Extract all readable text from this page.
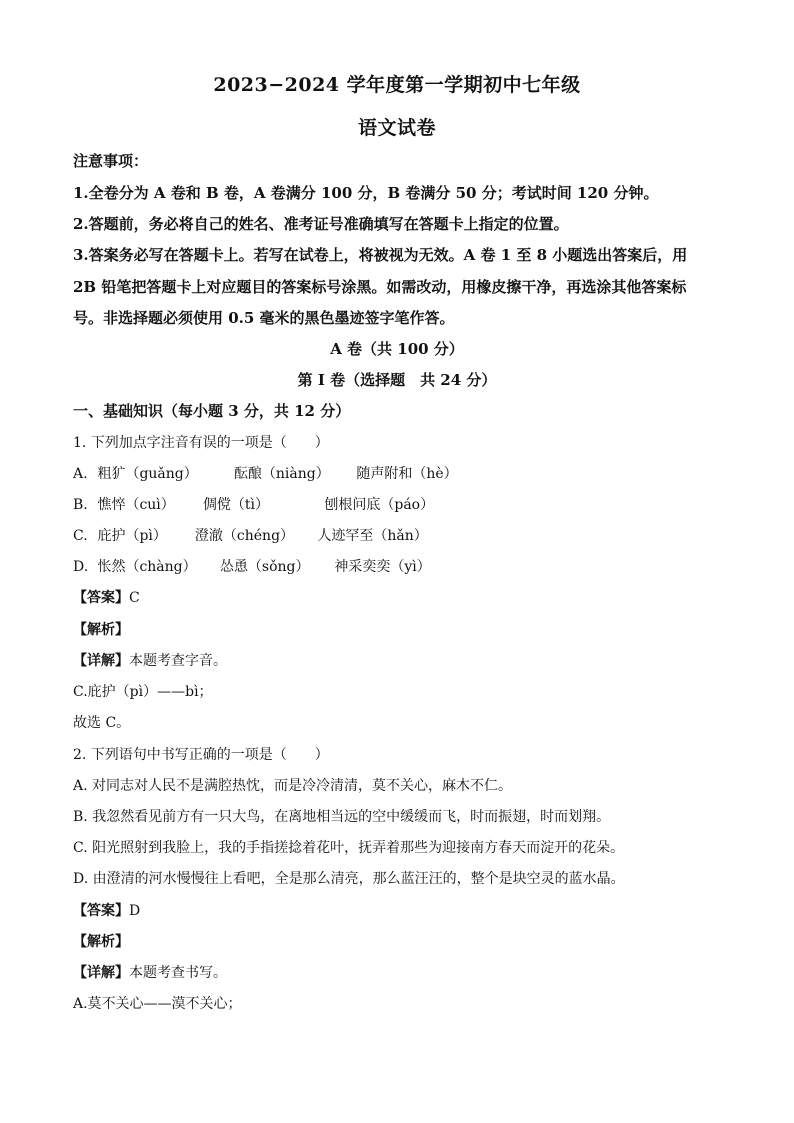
2023−2024 学年度第一学期初中七年级
语文试卷
注意事项：
1.全卷分为 A 卷和 B 卷，A 卷满分 100 分，B 卷满分 50 分；考试时间 120 分钟。
2.答题前，务必将自己的姓名、准考证号准确填写在答题卡上指定的位置。
3.答案务必写在答题卡上。若写在试卷上，将被视为无效。A 卷 1 至 8 小题选出答案后，用
2B 铅笔把答题卡上对应题目的答案标号涂黑。如需改动，用橡皮擦干净，再选涂其他答案标
号。非选择题必须使用 0.5 毫米的黑色墨迹签字笔作答。
A 卷（共 100 分）
第 I 卷（选择题　共 24 分）
一、基础知识（每小题 3 分，共 12 分）
1. 下列加点字注音有误的一项是（　　）
A. 粗犷（guǎng）	酝酿（niàng） 随声附和（hè）
B. 憔悴（cuì） 倜傥（tì）	刨根问底（páo）
C. 庇护（pì） 澄澈（chéng） 人迹罕至（hǎn）
D. 怅然（chàng） 怂恿（sǒng） 神采奕奕（yì）
【答案】C
【解析】
【详解】本题考查字音。
C.庇护（pì）——bì；
故选 C。
2. 下列语句中书写正确的一项是（　　）
A. 对同志对人民不是满腔热忱，而是冷冷清清，莫不关心，麻木不仁。
B. 我忽然看见前方有一只大鸟，在离地相当远的空中缓缓而飞，时而振翅，时而划翔。
C. 阳光照射到我脸上，我的手指搓捻着花叶，抚弄着那些为迎接南方春天而淀开的花朵。
D. 由澄清的河水慢慢往上看吧，全是那么清亮，那么蓝汪汪的，整个是块空灵的蓝水晶。
【答案】D
【解析】
【详解】本题考查书写。
A.莫不关心——漠不关心；
